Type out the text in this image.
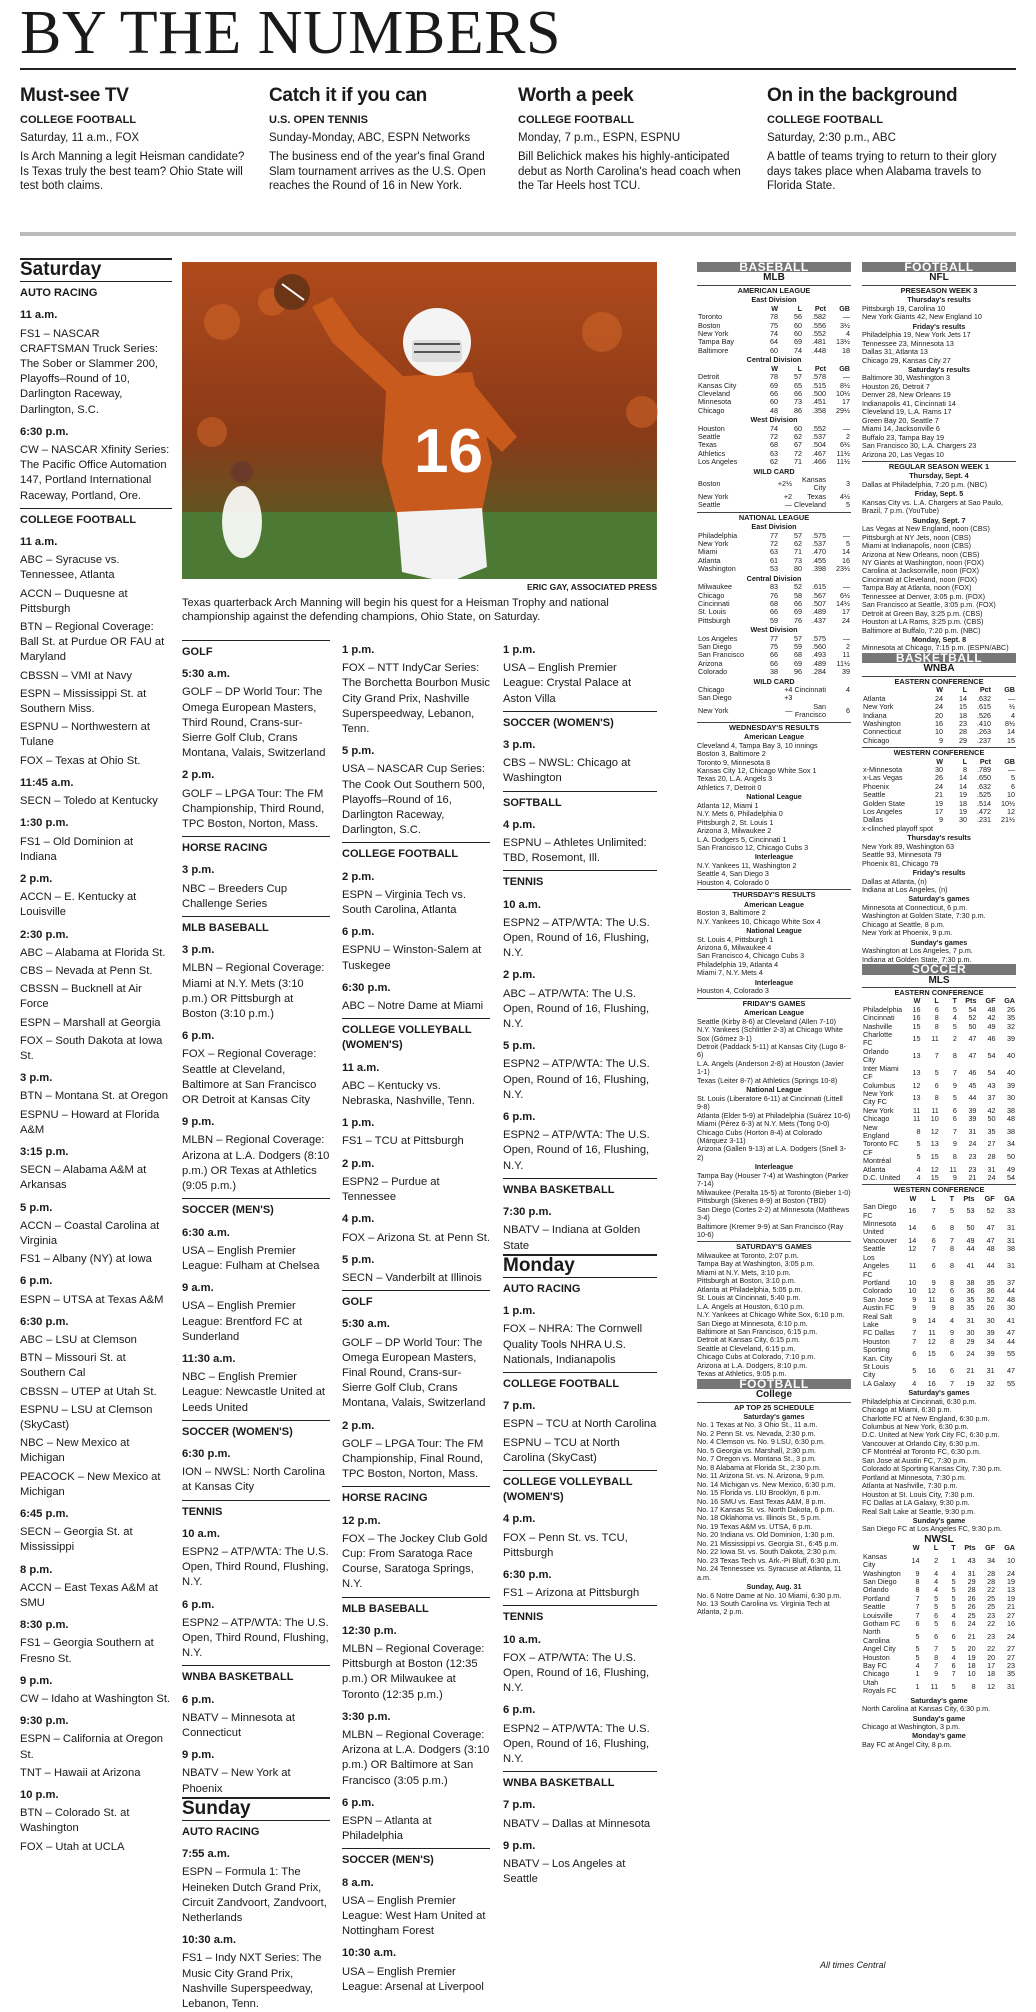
BY THE NUMBERS
Must-see TV
COLLEGE FOOTBALL
Saturday, 11 a.m., FOX
Is Arch Manning a legit Heisman candidate? Is Texas truly the best team? Ohio State will test both claims.
Catch it if you can
U.S. OPEN TENNIS
Sunday-Monday, ABC, ESPN Networks
The business end of the year's final Grand Slam tournament arrives as the U.S. Open reaches the Round of 16 in New York.
Worth a peek
COLLEGE FOOTBALL
Monday, 7 p.m., ESPN, ESPNU
Bill Belichick makes his highly-anticipated debut as North Carolina's head coach when the Tar Heels host TCU.
On in the background
COLLEGE FOOTBALL
Saturday, 2:30 p.m., ABC
A battle of teams trying to return to their glory days takes place when Alabama travels to Florida State.
16
ERIC GAY, ASSOCIATED PRESS
Texas quarterback Arch Manning will begin his quest for a Heisman Trophy and national championship against the defending champions, Ohio State, on Saturday.
Saturday
AUTO RACING
11 a.m.
FS1 – NASCAR CRAFTSMAN Truck Series: The Sober or Slammer 200, Playoffs–Round of 10, Darlington Raceway, Darlington, S.C.
6:30 p.m.
CW – NASCAR Xfinity Series: The Pacific Office Automation 147, Portland International Raceway, Portland, Ore.
COLLEGE FOOTBALL
11 a.m.
ABC – Syracuse vs. Tennessee, Atlanta
ACCN – Duquesne at Pittsburgh
BTN – Regional Coverage: Ball St. at Purdue OR FAU at Maryland
CBSSN – VMI at Navy
ESPN – Mississippi St. at Southern Miss.
ESPNU – Northwestern at Tulane
FOX – Texas at Ohio St.
11:45 a.m.
SECN – Toledo at Kentucky
1:30 p.m.
FS1 – Old Dominion at Indiana
2 p.m.
ACCN – E. Kentucky at Louisville
2:30 p.m.
ABC – Alabama at Florida St.
CBS – Nevada at Penn St.
CBSSN – Bucknell at Air Force
ESPN – Marshall at Georgia
FOX – South Dakota at Iowa St.
3 p.m.
BTN – Montana St. at Oregon
ESPNU – Howard at Florida A&M
3:15 p.m.
SECN – Alabama A&M at Arkansas
5 p.m.
ACCN – Coastal Carolina at Virginia
FS1 – Albany (NY) at Iowa
6 p.m.
ESPN – UTSA at Texas A&M
6:30 p.m.
ABC – LSU at Clemson
BTN – Missouri St. at Southern Cal
CBSSN – UTEP at Utah St.
ESPNU – LSU at Clemson (SkyCast)
NBC – New Mexico at Michigan
PEACOCK – New Mexico at Michigan
6:45 p.m.
SECN – Georgia St. at Mississippi
8 p.m.
ACCN – East Texas A&M at SMU
8:30 p.m.
FS1 – Georgia Southern at Fresno St.
9 p.m.
CW – Idaho at Washington St.
9:30 p.m.
ESPN – California at Oregon St.
TNT – Hawaii at Arizona
10 p.m.
BTN – Colorado St. at Washington
FOX – Utah at UCLA
GOLF
5:30 a.m.
GOLF – DP World Tour: The Omega European Masters, Third Round, Crans-sur-Sierre Golf Club, Crans Montana, Valais, Switzerland
2 p.m.
GOLF – LPGA Tour: The FM Championship, Third Round, TPC Boston, Norton, Mass.
HORSE RACING
3 p.m.
NBC – Breeders Cup Challenge Series
MLB BASEBALL
3 p.m.
MLBN – Regional Coverage: Miami at N.Y. Mets (3:10 p.m.) OR Pittsburgh at Boston (3:10 p.m.)
6 p.m.
FOX – Regional Coverage: Seattle at Cleveland, Baltimore at San Francisco OR Detroit at Kansas City
9 p.m.
MLBN – Regional Coverage: Arizona at L.A. Dodgers (8:10 p.m.) OR Texas at Athletics (9:05 p.m.)
SOCCER (MEN'S)
6:30 a.m.
USA – English Premier League: Fulham at Chelsea
9 a.m.
USA – English Premier League: Brentford FC at Sunderland
11:30 a.m.
NBC – English Premier League: Newcastle United at Leeds United
SOCCER (WOMEN'S)
6:30 p.m.
ION – NWSL: North Carolina at Kansas City
TENNIS
10 a.m.
ESPN2 – ATP/WTA: The U.S. Open, Third Round, Flushing, N.Y.
6 p.m.
ESPN2 – ATP/WTA: The U.S. Open, Third Round, Flushing, N.Y.
WNBA BASKETBALL
6 p.m.
NBATV – Minnesota at Connecticut
9 p.m.
NBATV – New York at Phoenix
Sunday
AUTO RACING
7:55 a.m.
ESPN – Formula 1: The Heineken Dutch Grand Prix, Circuit Zandvoort, Zandvoort, Netherlands
10:30 a.m.
FS1 – Indy NXT Series: The Music City Grand Prix, Nashville Superspeedway, Lebanon, Tenn.
1 p.m.
FOX – NTT IndyCar Series: The Borchetta Bourbon Music City Grand Prix, Nashville Superspeedway, Lebanon, Tenn.
5 p.m.
USA – NASCAR Cup Series: The Cook Out Southern 500, Playoffs–Round of 16, Darlington Raceway, Darlington, S.C.
COLLEGE FOOTBALL
2 p.m.
ESPN – Virginia Tech vs. South Carolina, Atlanta
6 p.m.
ESPNU – Winston-Salem at Tuskegee
6:30 p.m.
ABC – Notre Dame at Miami
COLLEGE VOLLEYBALL (WOMEN'S)
11 a.m.
ABC – Kentucky vs. Nebraska, Nashville, Tenn.
1 p.m.
FS1 – TCU at Pittsburgh
2 p.m.
ESPN2 – Purdue at Tennessee
4 p.m.
FOX – Arizona St. at Penn St.
5 p.m.
SECN – Vanderbilt at Illinois
GOLF
5:30 a.m.
GOLF – DP World Tour: The Omega European Masters, Final Round, Crans-sur-Sierre Golf Club, Crans Montana, Valais, Switzerland
2 p.m.
GOLF – LPGA Tour: The FM Championship, Final Round, TPC Boston, Norton, Mass.
HORSE RACING
12 p.m.
FOX – The Jockey Club Gold Cup: From Saratoga Race Course, Saratoga Springs, N.Y.
MLB BASEBALL
12:30 p.m.
MLBN – Regional Coverage: Pittsburgh at Boston (12:35 p.m.) OR Milwaukee at Toronto (12:35 p.m.)
3:30 p.m.
MLBN – Regional Coverage: Arizona at L.A. Dodgers (3:10 p.m.) OR Baltimore at San Francisco (3:05 p.m.)
6 p.m.
ESPN – Atlanta at Philadelphia
SOCCER (MEN'S)
8 a.m.
USA – English Premier League: West Ham United at Nottingham Forest
10:30 a.m.
USA – English Premier League: Arsenal at Liverpool
1 p.m.
USA – English Premier League: Crystal Palace at Aston Villa
SOCCER (WOMEN'S)
3 p.m.
CBS – NWSL: Chicago at Washington
SOFTBALL
4 p.m.
ESPNU – Athletes Unlimited: TBD, Rosemont, Ill.
TENNIS
10 a.m.
ESPN2 – ATP/WTA: The U.S. Open, Round of 16, Flushing, N.Y.
2 p.m.
ABC – ATP/WTA: The U.S. Open, Round of 16, Flushing, N.Y.
5 p.m.
ESPN2 – ATP/WTA: The U.S. Open, Round of 16, Flushing, N.Y.
6 p.m.
ESPN2 – ATP/WTA: The U.S. Open, Round of 16, Flushing, N.Y.
WNBA BASKETBALL
7:30 p.m.
NBATV – Indiana at Golden State
Monday
AUTO RACING
1 p.m.
FOX – NHRA: The Cornwell Quality Tools NHRA U.S. Nationals, Indianapolis
COLLEGE FOOTBALL
7 p.m.
ESPN – TCU at North Carolina
ESPNU – TCU at North Carolina (SkyCast)
COLLEGE VOLLEYBALL (WOMEN'S)
4 p.m.
FOX – Penn St. vs. TCU, Pittsburgh
6:30 p.m.
FS1 – Arizona at Pittsburgh
TENNIS
10 a.m.
FOX – ATP/WTA: The U.S. Open, Round of 16, Flushing, N.Y.
6 p.m.
ESPN2 – ATP/WTA: The U.S. Open, Round of 16, Flushing, N.Y.
WNBA BASKETBALL
7 p.m.
NBATV – Dallas at Minnesota
9 p.m.
NBATV – Los Angeles at Seattle
BASEBALL
MLB
AMERICAN LEAGUE
East Division
	W	L	Pct	GB
Toronto	78	56	.582	—
Boston	75	60	.556	3½
New York	74	60	.552	4
Tampa Bay	64	69	.481	13½
Baltimore	60	74	.448	18
Central Division
	W	L	Pct	GB
Detroit	78	57	.578	—
Kansas City	69	65	.515	8½
Cleveland	66	66	.500	10½
Minnesota	60	73	.451	17
Chicago	48	86	.358	29½
West Division
Houston	74	60	.552	—
Seattle	72	62	.537	2
Texas	68	67	.504	6½
Athletics	63	72	.467	11½
Los Angeles	62	71	.466	11½
WILD CARD
Boston	+2½	Kansas City	3
New York	+2	Texas	4½
Seattle	—	Cleveland	5
NATIONAL LEAGUE
East Division
Philadelphia	77	57	.575	—
New York	72	62	.537	5
Miami	63	71	.470	14
Atlanta	61	73	.455	16
Washington	53	80	.398	23½
Central Division
Milwaukee	83	52	.615	—
Chicago	76	58	.567	6½
Cincinnati	68	66	.507	14½
St. Louis	66	69	.489	17
Pittsburgh	59	76	.437	24
West Division
Los Angeles	77	57	.575	—
San Diego	75	59	.560	2
San Francisco	66	68	.493	11
Arizona	66	69	.489	11½
Colorado	38	96	.284	39
WILD CARD
Chicago	+4	Cincinnati	4
San Diego	+3		
New York	—	San Francisco	6
WEDNESDAY'S RESULTS
American League
Cleveland 4, Tampa Bay 3, 10 innings
Boston 3, Baltimore 2
Toronto 9, Minnesota 8
Kansas City 12, Chicago White Sox 1
Texas 20, L.A. Angels 3
Athletics 7, Detroit 0
National League
Atlanta 12, Miami 1
N.Y. Mets 6, Philadelphia 0
Pittsburgh 2, St. Louis 1
Arizona 3, Milwaukee 2
L.A. Dodgers 5, Cincinnati 1
San Francisco 12, Chicago Cubs 3
Interleague
N.Y. Yankees 11, Washington 2
Seattle 4, San Diego 3
Houston 4, Colorado 0
THURSDAY'S RESULTS
American League
Boston 3, Baltimore 2
N.Y. Yankees 10, Chicago White Sox 4
National League
St. Louis 4, Pittsburgh 1
Arizona 6, Milwaukee 4
San Francisco 4, Chicago Cubs 3
Philadelphia 19, Atlanta 4
Miami 7, N.Y. Mets 4
Interleague
Houston 4, Colorado 3
FRIDAY'S GAMES
American League
Seattle (Kirby 8-6) at Cleveland (Allen 7-10)
N.Y. Yankees (Schlittler 2-3) at Chicago White Sox (Gómez 3-1)
Detroit (Paddack 5-11) at Kansas City (Lugo 8-6)
L.A. Angels (Anderson 2-8) at Houston (Javier 1-1)
Texas (Leiter 8-7) at Athletics (Springs 10-8)
National League
St. Louis (Liberatore 6-11) at Cincinnati (Littell 9-8)
Atlanta (Elder 5-9) at Philadelphia (Suárez 10-6)
Miami (Pérez 6-3) at N.Y. Mets (Tong 0-0)
Chicago Cubs (Horton 8-4) at Colorado (Márquez 3-11)
Arizona (Gallen 9-13) at L.A. Dodgers (Snell 3-2)
Interleague
Tampa Bay (Houser 7-4) at Washington (Parker 7-14)
Milwaukee (Peralta 15-5) at Toronto (Bieber 1-0)
Pittsburgh (Skenes 8-9) at Boston (TBD)
San Diego (Cortes 2-2) at Minnesota (Matthews 3-4)
Baltimore (Kremer 9-9) at San Francisco (Ray 10-6)
SATURDAY'S GAMES
Milwaukee at Toronto, 2:07 p.m.
Tampa Bay at Washington, 3:05 p.m.
Miami at N.Y. Mets, 3:10 p.m.
Pittsburgh at Boston, 3:10 p.m.
Atlanta at Philadelphia, 5:05 p.m.
St. Louis at Cincinnati, 5:40 p.m.
L.A. Angels at Houston, 6:10 p.m.
N.Y. Yankees at Chicago White Sox, 6:10 p.m.
San Diego at Minnesota, 6:10 p.m.
Baltimore at San Francisco, 6:15 p.m.
Detroit at Kansas City, 6:15 p.m.
Seattle at Cleveland, 6:15 p.m.
Chicago Cubs at Colorado, 7:10 p.m.
Arizona at L.A. Dodgers, 8:10 p.m.
Texas at Athletics, 9:05 p.m.
FOOTBALL
College
AP TOP 25 SCHEDULE
Saturday's games
No. 1 Texas at No. 3 Ohio St., 11 a.m.
No. 2 Penn St. vs. Nevada, 2:30 p.m.
No. 4 Clemson vs. No. 9 LSU, 6:30 p.m.
No. 5 Georgia vs. Marshall, 2:30 p.m.
No. 7 Oregon vs. Montana St., 3 p.m.
No. 8 Alabama at Florida St., 2:30 p.m.
No. 11 Arizona St. vs. N. Arizona, 9 p.m.
No. 14 Michigan vs. New Mexico, 6:30 p.m.
No. 15 Florida vs. LIU Brooklyn, 6 p.m.
No. 16 SMU vs. East Texas A&M, 8 p.m.
No. 17 Kansas St. vs. North Dakota, 6 p.m.
No. 18 Oklahoma vs. Illinois St., 5 p.m.
No. 19 Texas A&M vs. UTSA, 6 p.m.
No. 20 Indiana vs. Old Dominion, 1:30 p.m.
No. 21 Mississippi vs. Georgia St., 6:45 p.m.
No. 22 Iowa St. vs. South Dakota, 2:30 p.m.
No. 23 Texas Tech vs. Ark.-Pi Bluff, 6:30 p.m.
No. 24 Tennessee vs. Syracuse at Atlanta, 11 a.m.
Sunday, Aug. 31
No. 6 Notre Dame at No. 10 Miami, 6:30 p.m.
No. 13 South Carolina vs. Virginia Tech at Atlanta, 2 p.m.
FOOTBALL
NFL
PRESEASON WEEK 3
Thursday's results
Pittsburgh 19, Carolina 10
New York Giants 42, New England 10
Friday's results
Philadelphia 19, New York Jets 17
Tennessee 23, Minnesota 13
Dallas 31, Atlanta 13
Chicago 29, Kansas City 27
Saturday's results
Baltimore 30, Washington 3
Houston 26, Detroit 7
Denver 28, New Orleans 19
Indianapolis 41, Cincinnati 14
Cleveland 19, L.A. Rams 17
Green Bay 20, Seattle 7
Miami 14, Jacksonville 6
Buffalo 23, Tampa Bay 19
San Francisco 30, L.A. Chargers 23
Arizona 20, Las Vegas 10
REGULAR SEASON WEEK 1
Thursday, Sept. 4
Dallas at Philadelphia, 7:20 p.m. (NBC)
Friday, Sept. 5
Kansas City vs. L.A. Chargers at Sao Paulo, Brazil, 7 p.m. (YouTube)
Sunday, Sept. 7
Las Vegas at New England, noon (CBS)
Pittsburgh at NY Jets, noon (CBS)
Miami at Indianapolis, noon (CBS)
Arizona at New Orleans, noon (CBS)
NY Giants at Washington, noon (FOX)
Carolina at Jacksonville, noon (FOX)
Cincinnati at Cleveland, noon (FOX)
Tampa Bay at Atlanta, noon (FOX)
Tennessee at Denver, 3:05 p.m. (FOX)
San Francisco at Seattle, 3:05 p.m. (FOX)
Detroit at Green Bay, 3:25 p.m. (CBS)
Houston at LA Rams, 3:25 p.m. (CBS)
Baltimore at Buffalo, 7:20 p.m. (NBC)
Monday, Sept. 8
Minnesota at Chicago, 7:15 p.m. (ESPN/ABC)
BASKETBALL
WNBA
EASTERN CONFERENCE
	W	L	Pct	GB
Atlanta	24	14	.632	—
New York	24	15	.615	½
Indiana	20	18	.526	4
Washington	16	23	.410	8½
Connecticut	10	28	.263	14
Chicago	9	29	.237	15
WESTERN CONFERENCE
	W	L	Pct	GB
x-Minnesota	30	8	.789	—
x-Las Vegas	26	14	.650	5
Phoenix	24	14	.632	6
Seattle	21	19	.525	10
Golden State	19	18	.514	10½
Los Angeles	17	19	.472	12
Dallas	9	30	.231	21½
x-clinched playoff spot
Thursday's results
New York 89, Washington 63
Seattle 93, Minnesota 79
Phoenix 81, Chicago 79
Friday's results
Dallas at Atlanta, (n)
Indiana at Los Angeles, (n)
Saturday's games
Minnesota at Connecticut, 6 p.m.
Washington at Golden State, 7:30 p.m.
Chicago at Seattle, 8 p.m.
New York at Phoenix, 9 p.m.
Sunday's games
Washington at Los Angeles, 7 p.m.
Indiana at Golden State, 7:30 p.m.
SOCCER
MLS
EASTERN CONFERENCE
	W	L	T	Pts	GF	GA
Philadelphia	16	6	5	54	48	26
Cincinnati	16	8	4	52	42	35
Nashville	15	8	5	50	49	32
Charlotte FC	15	11	2	47	46	39
Orlando City	13	7	8	47	54	40
Inter Miami CF	13	5	7	46	54	40
Columbus	12	6	9	45	43	39
New York City FC	13	8	5	44	37	30
New York	11	11	6	39	42	38
Chicago	11	10	6	39	50	48
New England	8	12	7	31	35	38
Toronto FC	5	13	9	24	27	34
CF Montréal	5	15	8	23	28	50
Atlanta	4	12	11	23	31	49
D.C. United	4	15	9	21	24	54
WESTERN CONFERENCE
	W	L	T	Pts	GF	GA
San Diego FC	16	7	5	53	52	33
Minnesota United	14	6	8	50	47	31
Vancouver	14	6	7	49	47	31
Seattle	12	7	8	44	48	38
Los Angeles FC	11	6	8	41	44	31
Portland	10	9	8	38	35	37
Colorado	10	12	6	36	36	44
San Jose	9	11	8	35	52	48
Austin FC	9	9	8	35	26	30
Real Salt Lake	9	14	4	31	30	41
FC Dallas	7	11	9	30	39	47
Houston	7	12	8	29	34	44
Sporting Kan. City	6	15	6	24	39	55
St Louis City	5	16	6	21	31	47
LA Galaxy	4	16	7	19	32	55
Saturday's games
Philadelphia at Cincinnati, 6:30 p.m.
Chicago at Miami, 6:30 p.m.
Charlotte FC at New England, 6:30 p.m.
Columbus at New York, 6:30 p.m.
D.C. United at New York City FC, 6:30 p.m.
Vancouver at Orlando City, 6:30 p.m.
CF Montréal at Toronto FC, 6:30 p.m.
San Jose at Austin FC, 7:30 p.m.
Colorado at Sporting Kansas City, 7:30 p.m.
Portland at Minnesota, 7:30 p.m.
Atlanta at Nashville, 7:30 p.m.
Houston at St. Louis City, 7:30 p.m.
FC Dallas at LA Galaxy, 9:30 p.m.
Real Salt Lake at Seattle, 9:30 p.m.
Sunday's game
San Diego FC at Los Angeles FC, 9:30 p.m.
NWSL
	W	L	T	Pts	GF	GA
Kansas City	14	2	1	43	34	10
Washington	9	4	4	31	28	24
San Diego	8	4	5	29	28	19
Orlando	8	4	5	28	22	13
Portland	7	5	5	26	25	19
Seattle	7	5	5	26	25	21
Louisville	7	6	4	25	23	27
Gotham FC	6	5	6	24	22	16
North Carolina	5	6	6	21	23	24
Angel City	5	7	5	20	22	27
Houston	5	8	4	19	20	27
Bay FC	4	7	6	18	17	23
Chicago	1	9	7	10	18	35
Utah Royals FC	1	11	5	8	12	31
Saturday's game
North Carolina at Kansas City, 6:30 p.m.
Sunday's game
Chicago at Washington, 3 p.m.
Monday's game
Bay FC at Angel City, 8 p.m.
All times Central
